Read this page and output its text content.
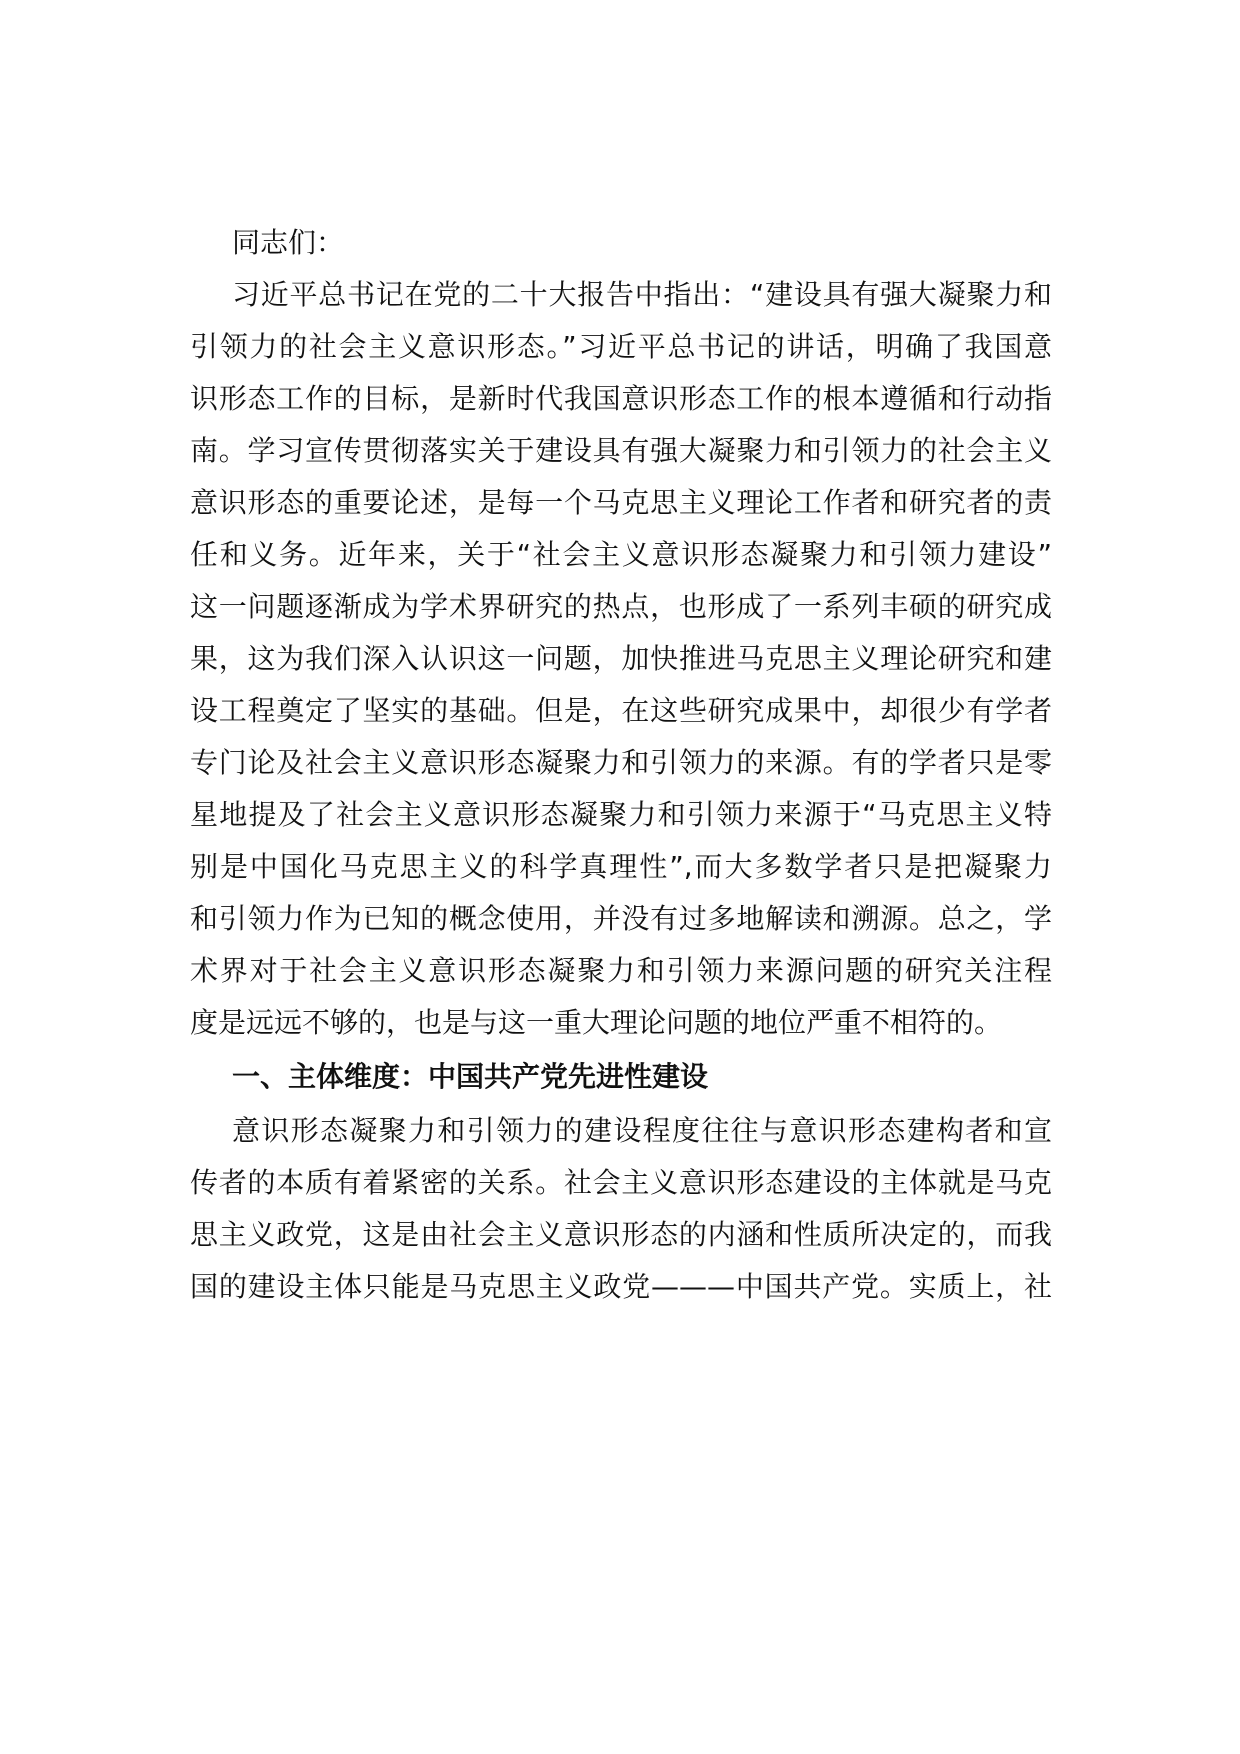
同志们：
习近平总书记在党的二十大报告中指出：“建设具有强大凝聚力和
引领力的社会主义意识形态。”习近平总书记的讲话，明确了我国意
识形态工作的目标，是新时代我国意识形态工作的根本遵循和行动指
南。学习宣传贯彻落实关于建设具有强大凝聚力和引领力的社会主义
意识形态的重要论述，是每一个马克思主义理论工作者和研究者的责
任和义务。近年来，关于“社会主义意识形态凝聚力和引领力建设”
这一问题逐渐成为学术界研究的热点，也形成了一系列丰硕的研究成
果，这为我们深入认识这一问题，加快推进马克思主义理论研究和建
设工程奠定了坚实的基础。但是，在这些研究成果中，却很少有学者
专门论及社会主义意识形态凝聚力和引领力的来源。有的学者只是零
星地提及了社会主义意识形态凝聚力和引领力来源于“马克思主义特
别是中国化马克思主义的科学真理性”,而大多数学者只是把凝聚力
和引领力作为已知的概念使用，并没有过多地解读和溯源。总之，学
术界对于社会主义意识形态凝聚力和引领力来源问题的研究关注程
度是远远不够的，也是与这一重大理论问题的地位严重不相符的。
一、主体维度：中国共产党先进性建设
意识形态凝聚力和引领力的建设程度往往与意识形态建构者和宣
传者的本质有着紧密的关系。社会主义意识形态建设的主体就是马克
思主义政党，这是由社会主义意识形态的内涵和性质所决定的，而我
国的建设主体只能是马克思主义政党———中国共产党。实质上，社
